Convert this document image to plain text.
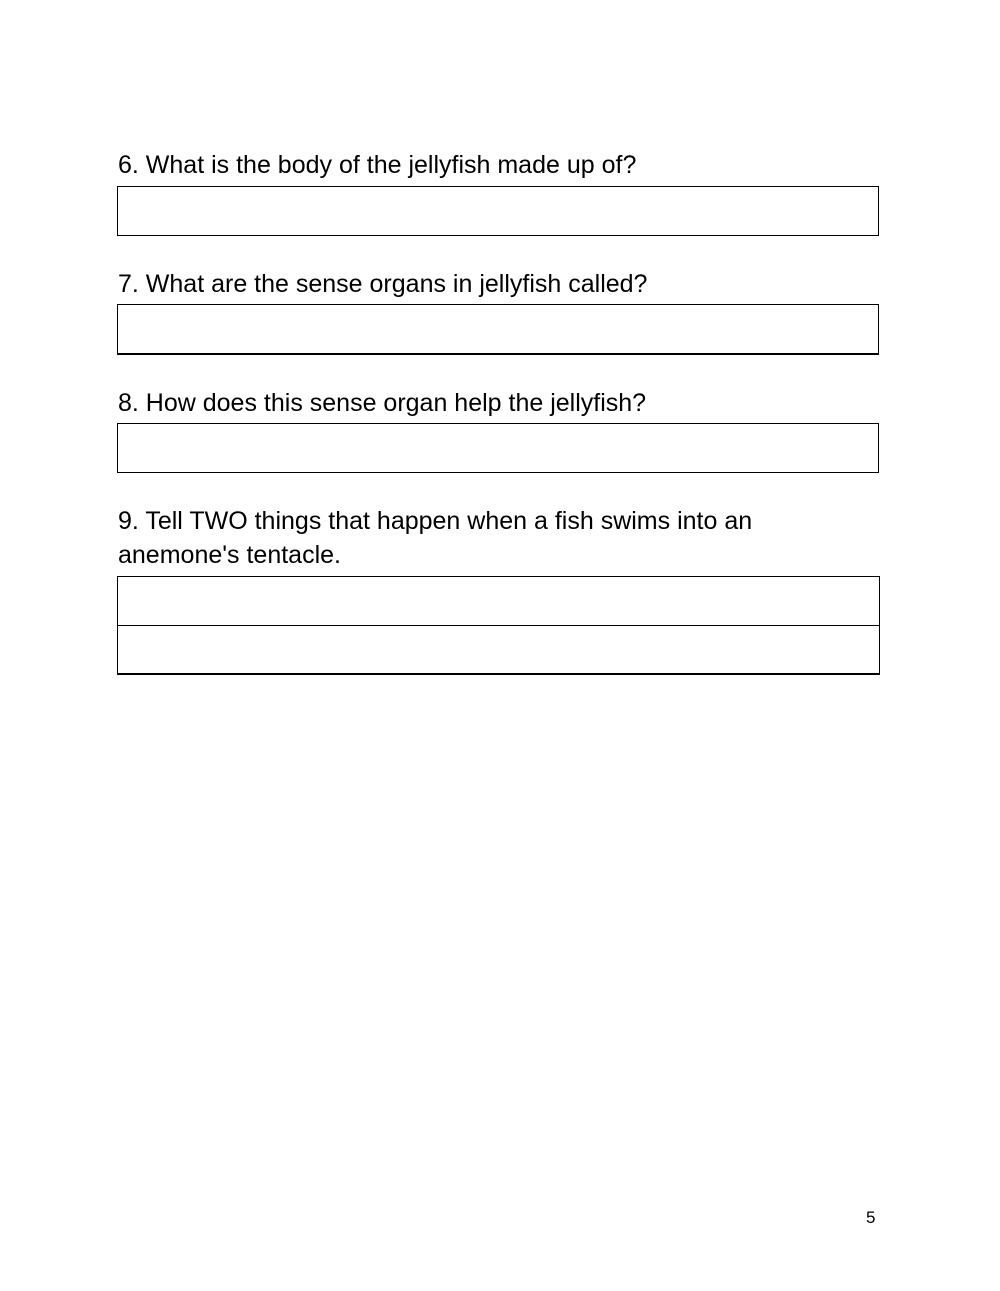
6. What is the body of the jellyfish made up of?

7. What are the sense organs in jellyfish called?

8. How does this sense organ help the jellyfish?

9. Tell TWO things that happen when a fish swims into an anemone's tentacle.

5
